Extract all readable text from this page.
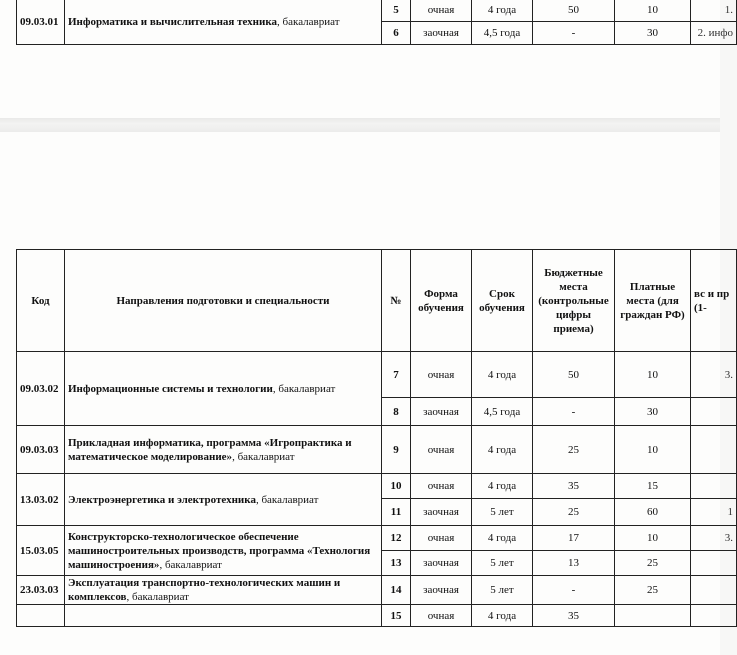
09.03.01	Информатика и вычислительная техника, бакалавриат	5	очная	4 года	50	10	1.
		6	заочная	4,5 года	-	30	2. инфо
Код	Направления подготовки и специальности	№	Форма обучения	Срок обучения	Бюджетные места (контрольные цифры приема)	Платные места (для граждан РФ)	вс и пр (1-
09.03.02	Информационные системы и технологии, бакалавриат	7	очная	4 года	50	10	3.
		8	заочная	4,5 года	-	30	
09.03.03	Прикладная информатика, программа «Игропрактика и математическое моделирование», бакалавриат	9	очная	4 года	25	10	
13.03.02	Электроэнергетика и электротехника, бакалавриат	10	очная	4 года	35	15	
		11	заочная	5 лет	25	60	1
15.03.05	Конструкторско-технологическое обеспечение машиностроительных производств, программа «Технология машиностроения», бакалавриат	12	очная	4 года	17	10	3.
		13	заочная	5 лет	13	25	
23.03.03	Эксплуатация транспортно-технологических машин и комплексов, бакалавриат	14	заочная	5 лет	-	25	
		15	очная	4 года	35		
